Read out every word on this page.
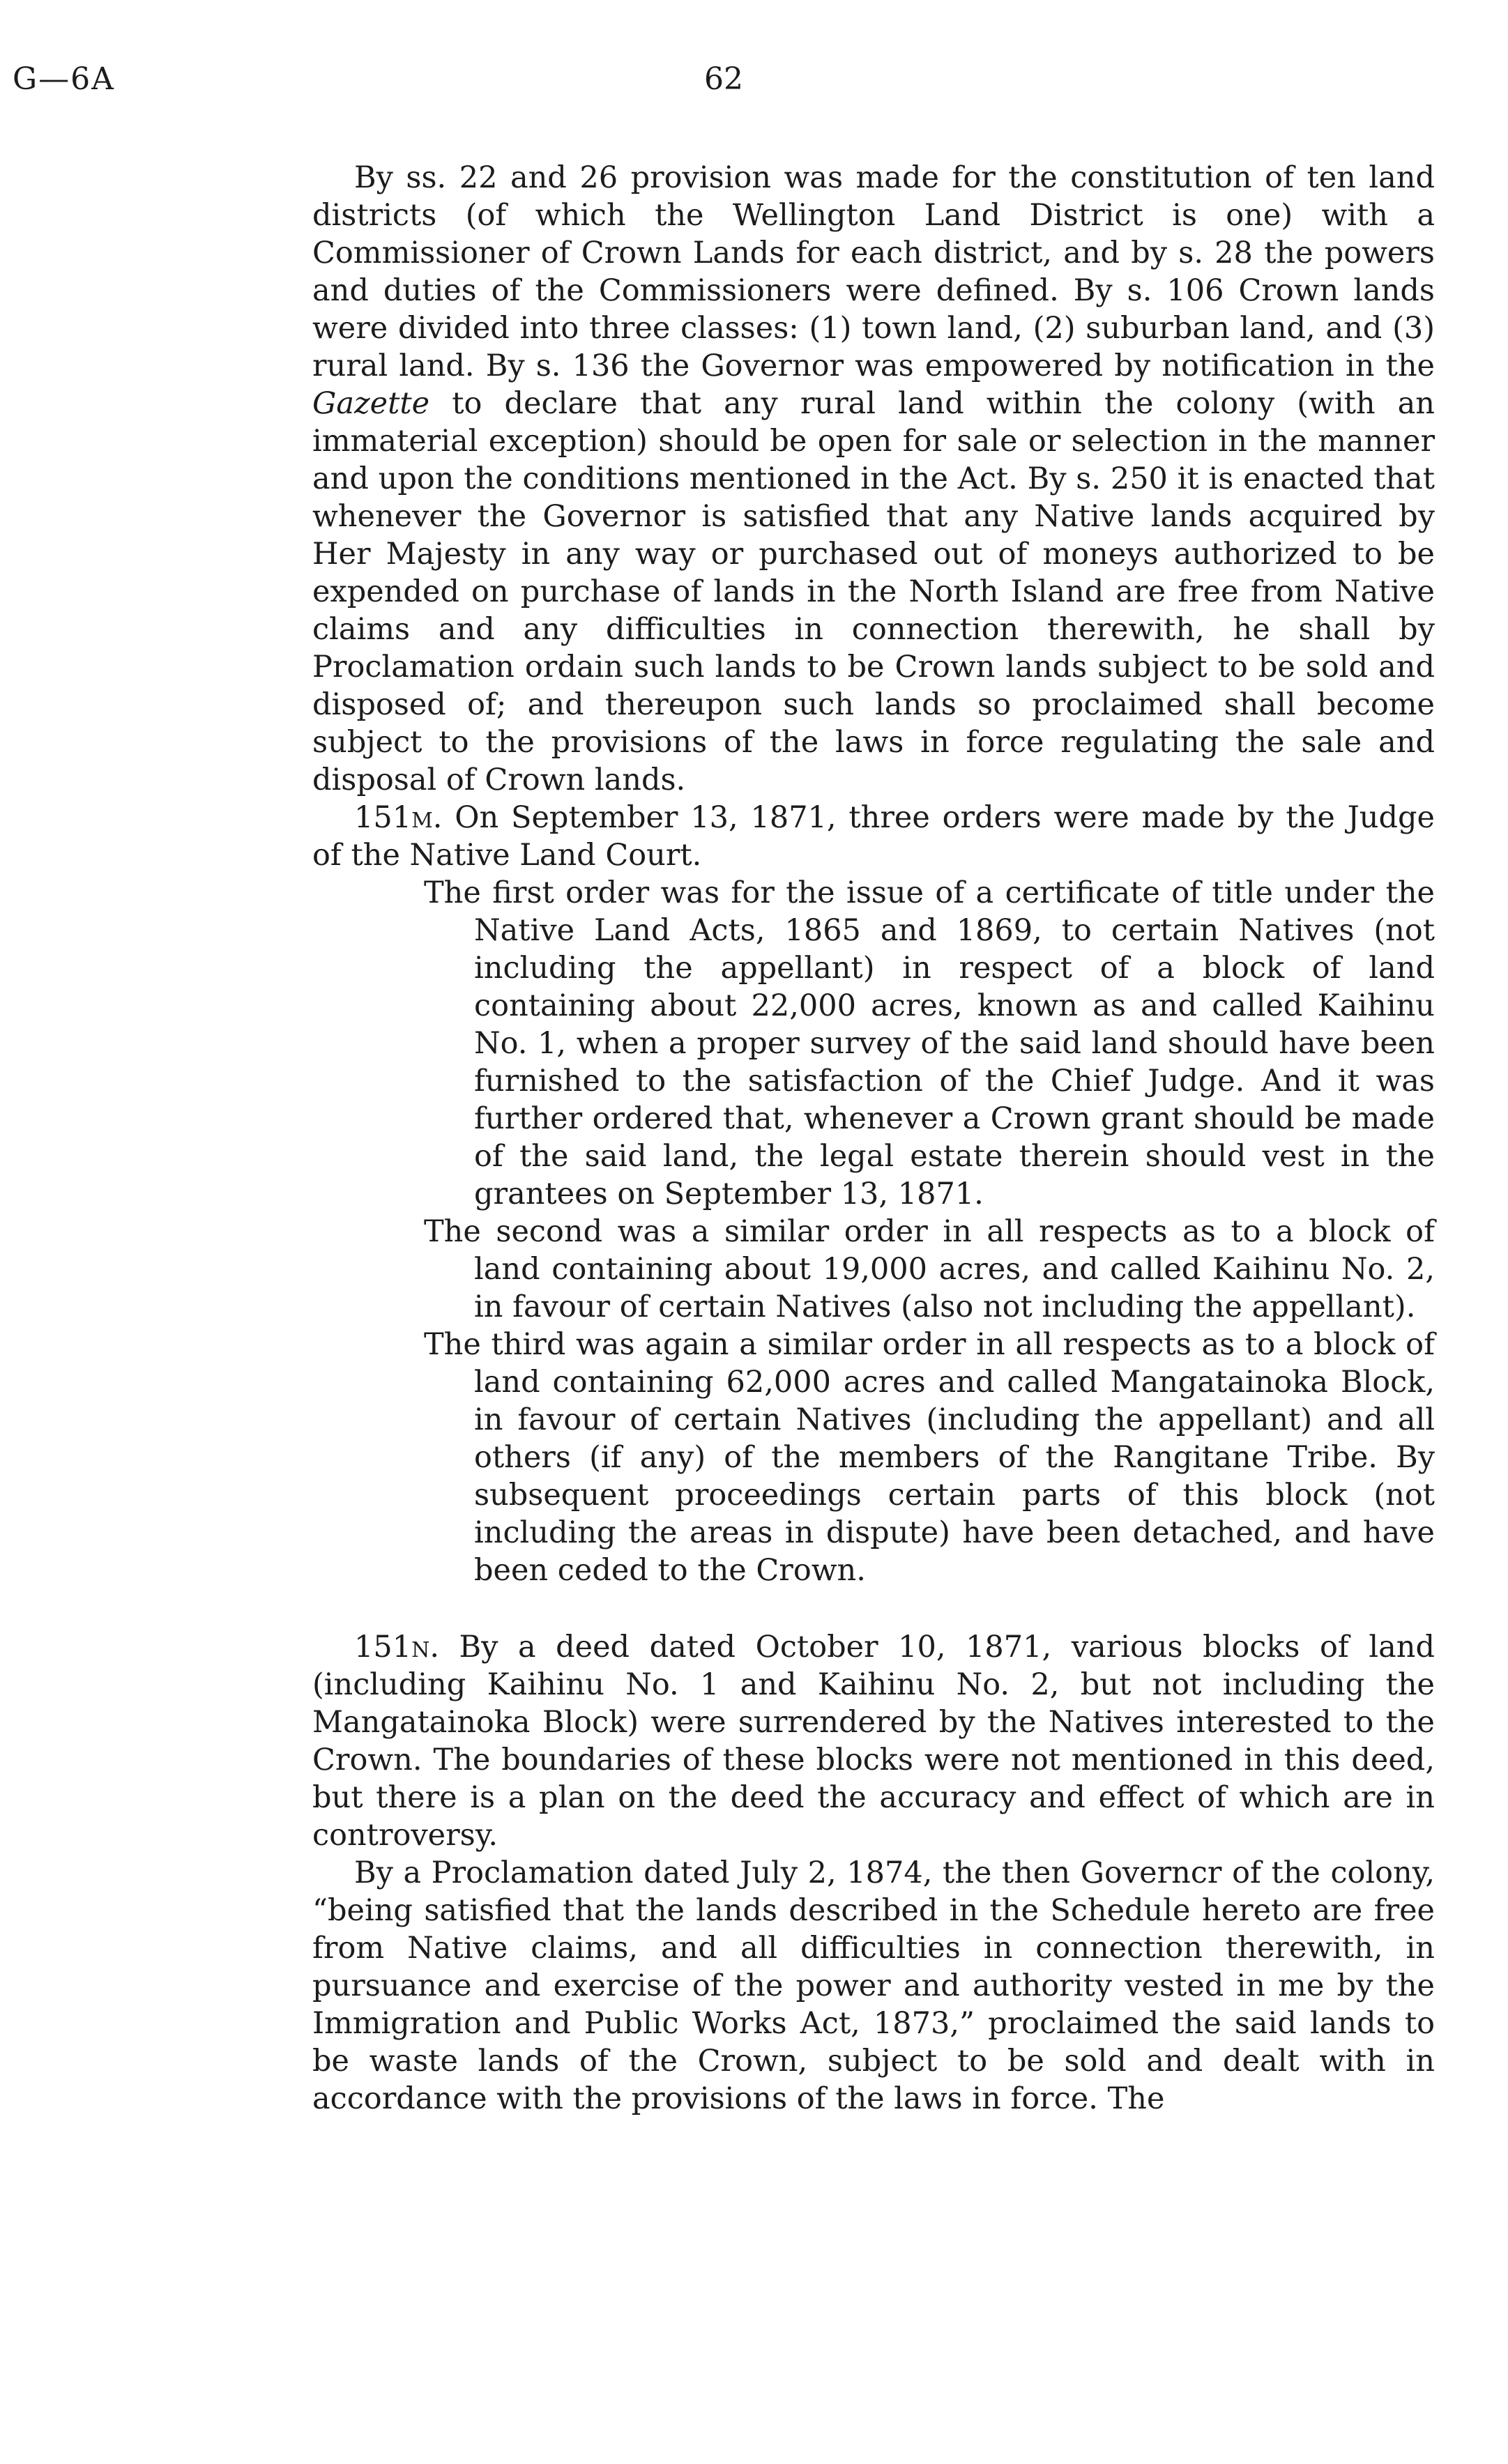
G—6A	62

By ss. 22 and 26 provision was made for the constitution of ten land districts (of which the Wellington Land District is one) with a Commissioner of Crown Lands for each district, and by s. 28 the powers and duties of the Commissioners were defined. By s. 106 Crown lands were divided into three classes: (1) town land, (2) suburban land, and (3) rural land. By s. 136 the Governor was empowered by notification in the Gazette to declare that any rural land within the colony (with an immaterial exception) should be open for sale or selection in the manner and upon the conditions mentioned in the Act. By s. 250 it is enacted that whenever the Governor is satisfied that any Native lands acquired by Her Majesty in any way or purchased out of moneys authorized to be expended on purchase of lands in the North Island are free from Native claims and any difficulties in connection therewith, he shall by Proclamation ordain such lands to be Crown lands subject to be sold and disposed of; and thereupon such lands so proclaimed shall become subject to the provisions of the laws in force regulating the sale and disposal of Crown lands.

151m. On September 13, 1871, three orders were made by the Judge of the Native Land Court.

The first order was for the issue of a certificate of title under the Native Land Acts, 1865 and 1869, to certain Natives (not including the appellant) in respect of a block of land containing about 22,000 acres, known as and called Kaihinu No. 1, when a proper survey of the said land should have been furnished to the satisfaction of the Chief Judge. And it was further ordered that, whenever a Crown grant should be made of the said land, the legal estate therein should vest in the grantees on September 13, 1871.
The second was a similar order in all respects as to a block of land containing about 19,000 acres, and called Kaihinu No. 2, in favour of certain Natives (also not including the appellant).
The third was again a similar order in all respects as to a block of land containing 62,000 acres and called Mangatainoka Block, in favour of certain Natives (including the appellant) and all others (if any) of the members of the Rangitane Tribe. By subsequent proceedings certain parts of this block (not including the areas in dispute) have been detached, and have been ceded to the Crown.

151n. By a deed dated October 10, 1871, various blocks of land (including Kaihinu No. 1 and Kaihinu No. 2, but not including the Mangatainoka Block) were surrendered by the Natives interested to the Crown. The boundaries of these blocks were not mentioned in this deed, but there is a plan on the deed the accuracy and effect of which are in controversy.

By a Proclamation dated July 2, 1874, the then Governcr of the colony, “being satisfied that the lands described in the Schedule hereto are free from Native claims, and all difficulties in connection therewith, in pursuance and exercise of the power and authority vested in me by the Immigration and Public Works Act, 1873,” proclaimed the said lands to be waste lands of the Crown, subject to be sold and dealt with in accordance with the provisions of the laws in force. The
